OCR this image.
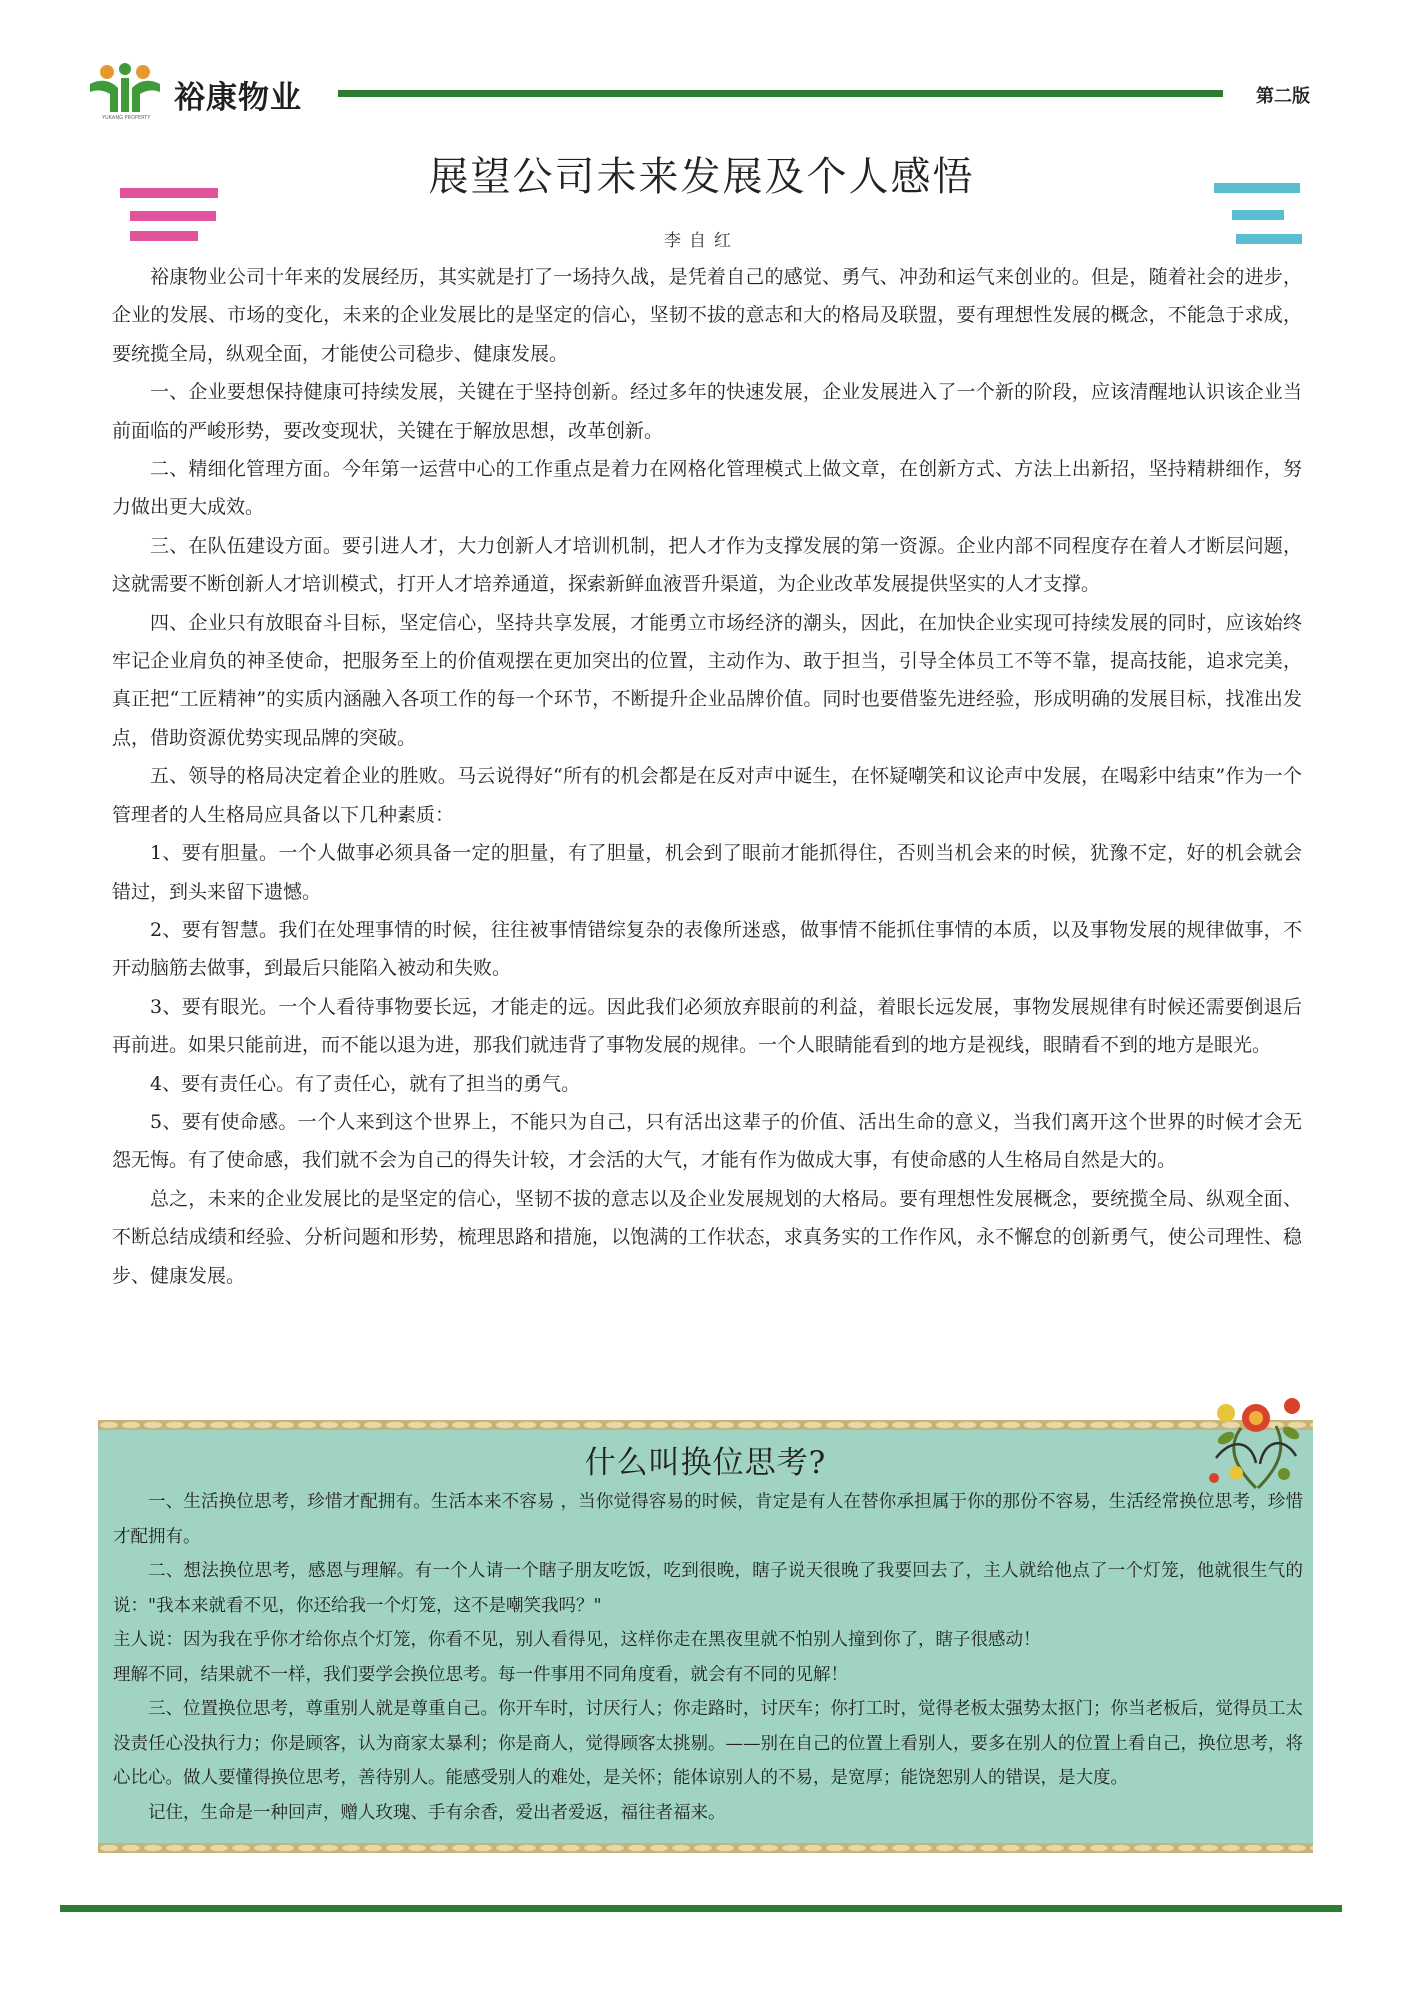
YUKANG PROPERTY
裕康物业	第二版
展望公司未来发展及个人感悟
李自红

裕康物业公司十年来的发展经历，其实就是打了一场持久战，是凭着自己的感觉、勇气、冲劲和运气来创业的。但是，随着社会的进步，企业的发展、市场的变化，未来的企业发展比的是坚定的信心，坚韧不拔的意志和大的格局及联盟，要有理想性发展的概念，不能急于求成，要统揽全局，纵观全面，才能使公司稳步、健康发展。

一、企业要想保持健康可持续发展，关键在于坚持创新。经过多年的快速发展，企业发展进入了一个新的阶段，应该清醒地认识该企业当前面临的严峻形势，要改变现状，关键在于解放思想，改革创新。

二、精细化管理方面。今年第一运营中心的工作重点是着力在网格化管理模式上做文章，在创新方式、方法上出新招，坚持精耕细作，努力做出更大成效。

三、在队伍建设方面。要引进人才，大力创新人才培训机制，把人才作为支撑发展的第一资源。企业内部不同程度存在着人才断层问题，这就需要不断创新人才培训模式，打开人才培养通道，探索新鲜血液晋升渠道，为企业改革发展提供坚实的人才支撑。

四、企业只有放眼奋斗目标，坚定信心，坚持共享发展，才能勇立市场经济的潮头，因此，在加快企业实现可持续发展的同时，应该始终牢记企业肩负的神圣使命，把服务至上的价值观摆在更加突出的位置，主动作为、敢于担当，引导全体员工不等不靠，提高技能，追求完美，真正把“工匠精神”的实质内涵融入各项工作的每一个环节，不断提升企业品牌价值。同时也要借鉴先进经验，形成明确的发展目标，找准出发点，借助资源优势实现品牌的突破。

五、领导的格局决定着企业的胜败。马云说得好“所有的机会都是在反对声中诞生，在怀疑嘲笑和议论声中发展，在喝彩中结束”作为一个管理者的人生格局应具备以下几种素质：

1、要有胆量。一个人做事必须具备一定的胆量，有了胆量，机会到了眼前才能抓得住，否则当机会来的时候，犹豫不定，好的机会就会错过，到头来留下遗憾。

2、要有智慧。我们在处理事情的时候，往往被事情错综复杂的表像所迷惑，做事情不能抓住事情的本质，以及事物发展的规律做事，不开动脑筋去做事，到最后只能陷入被动和失败。

3、要有眼光。一个人看待事物要长远，才能走的远。因此我们必须放弃眼前的利益，着眼长远发展，事物发展规律有时候还需要倒退后再前进。如果只能前进，而不能以退为进，那我们就违背了事物发展的规律。一个人眼睛能看到的地方是视线，眼睛看不到的地方是眼光。

4、要有责任心。有了责任心，就有了担当的勇气。

5、要有使命感。一个人来到这个世界上，不能只为自己，只有活出这辈子的价值、活出生命的意义，当我们离开这个世界的时候才会无怨无悔。有了使命感，我们就不会为自己的得失计较，才会活的大气，才能有作为做成大事，有使命感的人生格局自然是大的。

总之，未来的企业发展比的是坚定的信心，坚韧不拔的意志以及企业发展规划的大格局。要有理想性发展概念，要统揽全局、纵观全面、不断总结成绩和经验、分析问题和形势，梳理思路和措施，以饱满的工作状态，求真务实的工作作风，永不懈怠的创新勇气，使公司理性、稳步、健康发展。

什么叫换位思考?

一、生活换位思考，珍惜才配拥有。生活本来不容易 ，当你觉得容易的时候，肯定是有人在替你承担属于你的那份不容易，生活经常换位思考，珍惜才配拥有。

二、想法换位思考，感恩与理解。有一个人请一个瞎子朋友吃饭，吃到很晚，瞎子说天很晚了我要回去了，主人就给他点了一个灯笼，他就很生气的说："我本来就看不见，你还给我一个灯笼，这不是嘲笑我吗？"

主人说：因为我在乎你才给你点个灯笼，你看不见，别人看得见，这样你走在黑夜里就不怕别人撞到你了，瞎子很感动！

理解不同，结果就不一样，我们要学会换位思考。每一件事用不同角度看，就会有不同的见解！

三、位置换位思考，尊重别人就是尊重自己。你开车时，讨厌行人；你走路时，讨厌车；你打工时，觉得老板太强势太抠门；你当老板后，觉得员工太没责任心没执行力；你是顾客，认为商家太暴利；你是商人，觉得顾客太挑剔。——别在自己的位置上看别人，要多在别人的位置上看自己，换位思考，将心比心。做人要懂得换位思考，善待别人。能感受别人的难处，是关怀；能体谅别人的不易，是宽厚；能饶恕别人的错误，是大度。

记住，生命是一种回声，赠人玫瑰、手有余香，爱出者爱返，福往者福来。
